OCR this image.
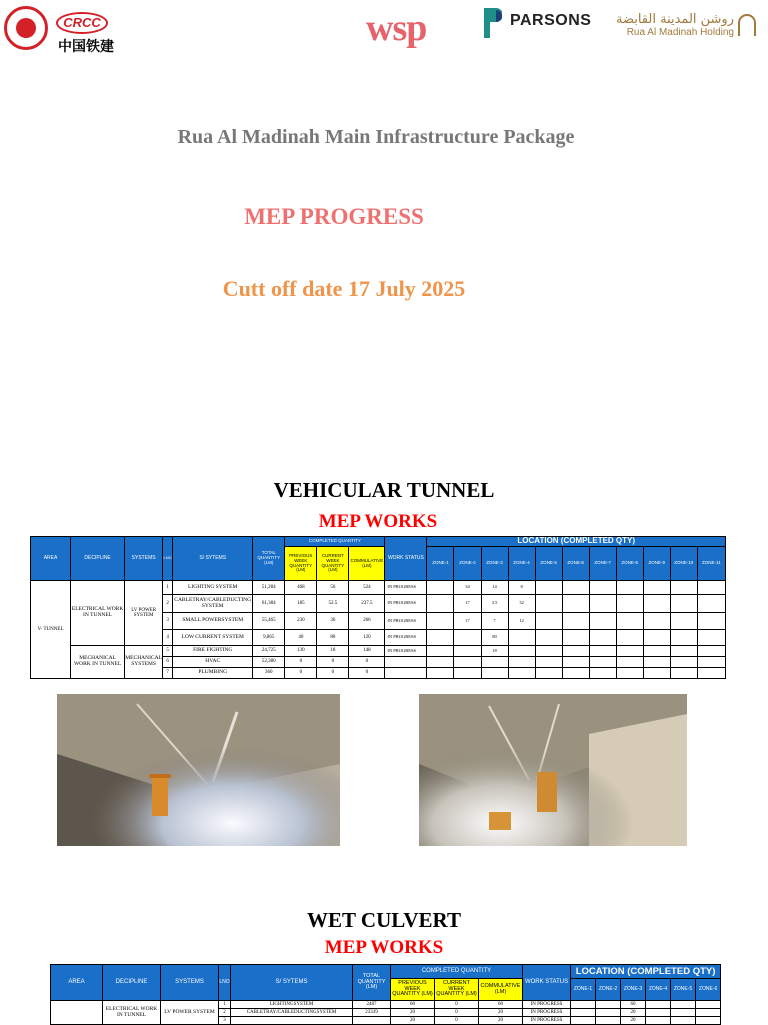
CRCC
中国铁建	wsp	PARSONS روشن المدينة القابضة
Rua Al Madinah Holding
Rua Al Madinah Main Infrastructure Package
MEP PROGRESS
Cutt off date 17 July 2025
VEHICULAR TUNNEL
MEP WORKS
AREA	DECIPLINE	SYSTEMS	LNO	S/ SYTEMS	TOTAL QUANTITY (LM)	COMPLETED QUANTITY			WORK STATUS	LOCATION (COMPLETED QTY)										
						PREVIOUS WEEK QUANTITY (LM)	CURRENT WEEK QUANTITY (LM)	COMMULATIVE (LM)		ZONE-1	ZONE-2	ZONE-3	ZONE-4	ZONE-5	ZONE-6	ZONE-7	ZONE-8	ZONE-9	ZONE-10	ZONE-11
V- TUNNEL	ELECTRICAL WORK IN TUNNEL	LV POWER SYSTEM	1	LIGHTING SYSTEM	51,284	468	56	524	IN PROGRESS		34	14	8							
			2	CABLETRAY/CABLEDUCTING SYSTEM	61,384	185	52.5	237.5	IN PROGRESS		17	3.5	32							
			3	SMALL POWERSYSTEM	55,465	230	36	266	IN PROGRESS		17	7	12							
			4	LOW CURRENT SYSTEM	9,865	40	80	120	IN PROGRESS			80								
	MECHANICAL WORK IN TUNNEL	MECHANICAL SYSTEMS	5	FIRE FIGHTING	24,725	130	18	148	IN PROGRESS			18								
			6	HVAC	52,380	0	0	0												
			7	PLUMBING	360	0	0	0												
WET CULVERT
MEP WORKS
AREA	DECIPLINE	SYSTEMS	LNO	S/ SYTEMS	TOTAL QUANTITY (LM)	COMPLETED QUANTITY			WORK STATUS	LOCATION (COMPLETED QTY)					
						PREVIOUS WEEK QUANTITY (LM)	CURRENT WEEK QUANTITY (LM)	COMMULATIVE (LM)		ZONE-1	ZONE-2	ZONE-3	ZONE-4	ZONE-5	ZONE-6
	ELECTRICAL WORK IN TUNNEL	LV POWER SYSTEM	1	LIGHTINGSYSTEM	2487	60	0	60	IN PROGRESS			60			
			2	CABLETRAY/CABLEDUCTINGSYSTEM	23339	20	0	20	IN PROGRESS			20			
			3			20	0	20	IN PROGRESS			20			
